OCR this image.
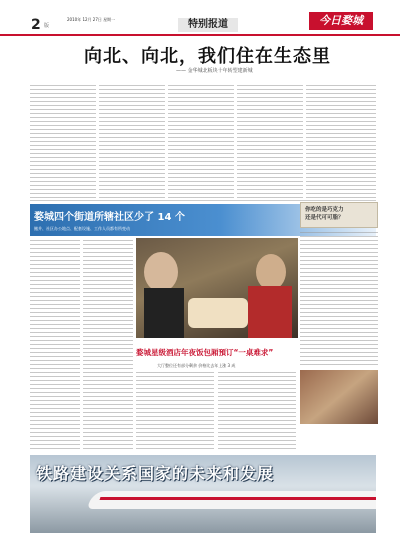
2 版
2010年 12月 27日 星期一	特别报道	今日婺城
向北、向北，我们住在生态里
—— 金华城北板块十年转型建新城
婺城四个街道所辖社区少了 14 个
撤并、社区办公地点、配套设施、工作人员都有所变动
你吃的是巧克力
还是代可可脂？
婺城星级酒店年夜饭包厢預订“一桌难求”
大厅整位还有部分剩余 价格比去年上涨 3 成
铁路建设关系国家的未来和发展
